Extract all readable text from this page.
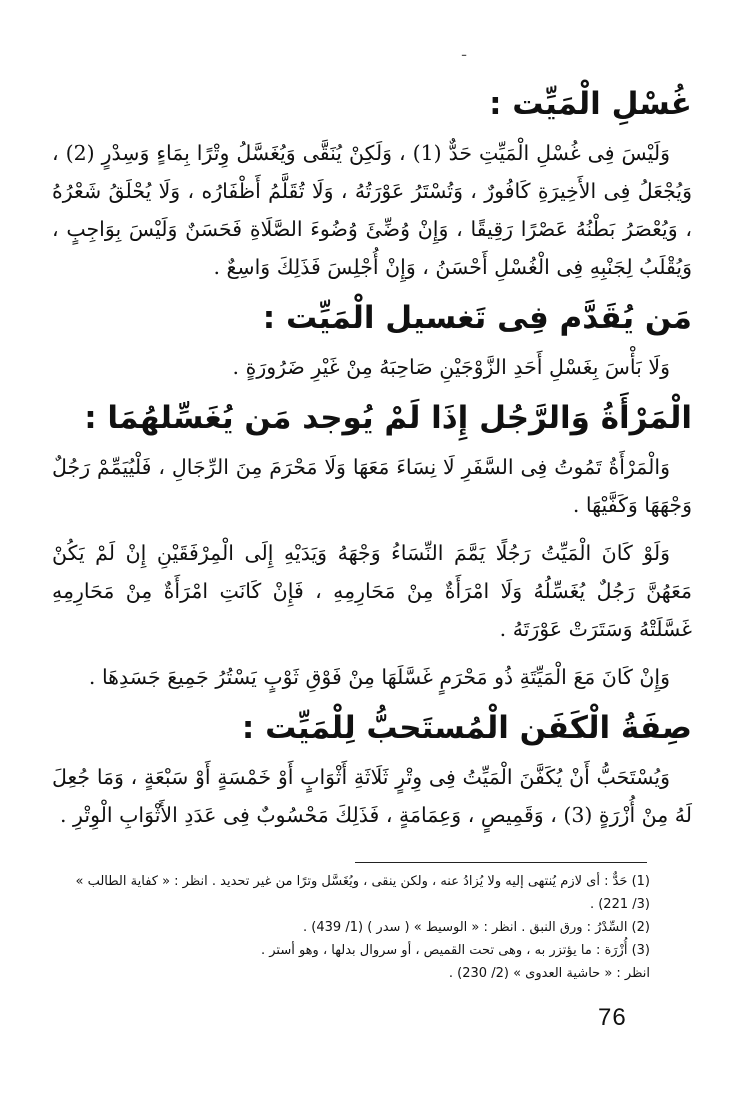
ـ
غُسْلِ الْمَيِّت :

وَلَيْسَ فِى غُسْلِ الْمَيِّتِ حَدٌّ (1) ، وَلَكِنْ يُنَقَّى وَيُغَسَّلُ وِتْرًا بِمَاءٍ وَسِدْرٍ (2) ، وَيُجْعَلُ فِى الأَخِيرَةِ كَافُورٌ ، وَتُسْتَرُ عَوْرَتُهُ ، وَلَا تُقَلَّمُ أَظْفَارُه ، وَلَا يُحْلَقُ شَعْرُهُ ، وَيُعْصَرُ بَطْنُهُ عَصْرًا رَقِيقًا ، وَإِنْ وُضِّئَ وُضُوءَ الصَّلَاةِ فَحَسَنٌ وَلَيْسَ بِوَاجِبٍ ، وَيُقْلَبُ لِجَنْبِهِ فِى الْغُسْلِ أَحْسَنُ ، وَإِنْ أُجْلِسَ فَذَلِكَ وَاسِعٌ .

مَن يُقَدَّم فِى تَغسيل الْمَيِّت :

وَلَا بَأْسَ بِغَسْلِ أَحَدِ الزَّوْجَيْنِ صَاحِبَهُ مِنْ غَيْرِ ضَرُورَةٍ .

الْمَرْأَةُ وَالرَّجُل إِذَا لَمْ يُوجد مَن يُغَسِّلهُمَا :

وَالْمَرْأَةُ تَمُوتُ فِى السَّفَرِ لَا نِسَاءَ مَعَهَا وَلَا مَحْرَمَ مِنَ الرِّجَالِ ، فَلْيُيَمِّمْ رَجُلٌ وَجْهَهَا وَكَفَّيْهَا .

وَلَوْ كَانَ الْمَيِّتُ رَجُلًا يَمَّمَ النِّسَاءُ وَجْهَهُ وَيَدَيْهِ إِلَى الْمِرْفَقَيْنِ إِنْ لَمْ يَكُنْ مَعَهُنَّ رَجُلٌ يُغَسِّلُهُ وَلَا امْرَأَةٌ مِنْ مَحَارِمِهِ ، فَإِنْ كَانَتِ امْرَأَةٌ مِنْ مَحَارِمِهِ غَسَّلَتْهُ وَسَتَرَتْ عَوْرَتَهُ .

وَإِنْ كَانَ مَعَ الْمَيِّتَةِ ذُو مَحْرَمٍ غَسَّلَهَا مِنْ فَوْقِ ثَوْبٍ يَسْتُرُ جَمِيعَ جَسَدِهَا .

صِفَةُ الْكَفَن الْمُستَحبُّ لِلْمَيِّت :

وَيُسْتَحَبُّ أَنْ يُكَفَّنَ الْمَيِّتُ فِى وِتْرٍ ثَلَاثَةِ أَثْوَابٍ أَوْ خَمْسَةٍ أَوْ سَبْعَةٍ ، وَمَا جُعِلَ لَهُ مِنْ أُزْرَةٍ (3) ، وَقَمِيصٍ ، وَعِمَامَةٍ ، فَذَلِكَ مَحْسُوبٌ فِى عَدَدِ الأَثْوَابِ الْوِتْرِ .

(1) حَدٌّ : أى لازم يُنتهى إليه ولا يُزادُ عنه ، ولكن ينقى ، ويُغَسَّل وترًا من غير تحديد . انظر : « كفاية الطالب » (3/ 221) .

(2) السِّدْرُ : ورق النبق . انظر : « الوسيط » ( سدر ) (1/ 439) .

(3) أُزْرَة : ما يؤتزر به ، وهى تحت القميص ، أو سروال بدلها ، وهو أستر .

انظر : « حاشية العدوى » (2/ 230) .

76
